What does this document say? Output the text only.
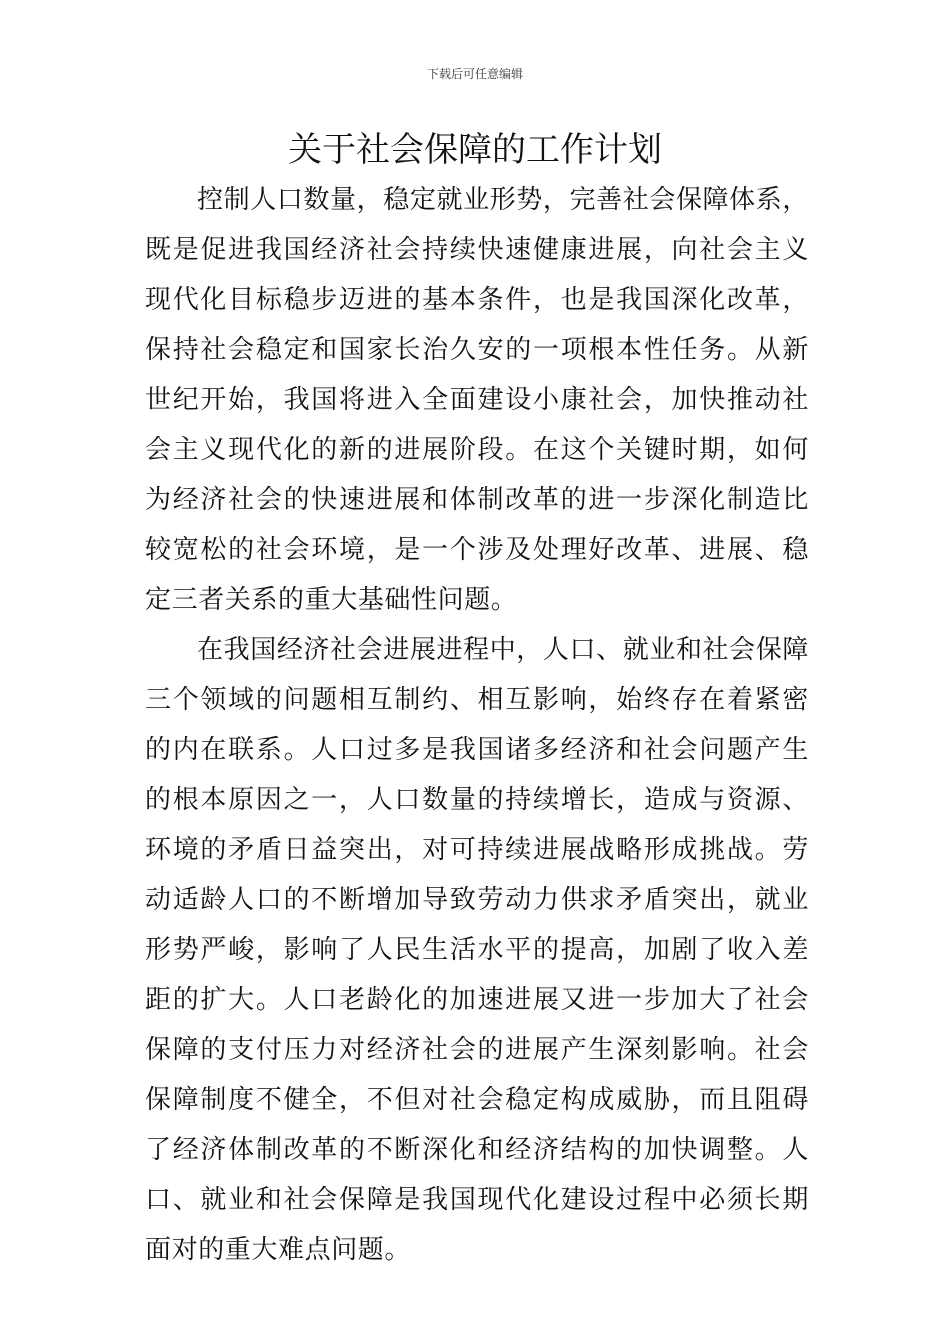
下载后可任意编辑
关于社会保障的工作计划

控制人口数量，稳定就业形势，完善社会保障体系，既是促进我国经济社会持续快速健康进展，向社会主义现代化目标稳步迈进的基本条件，也是我国深化改革，保持社会稳定和国家长治久安的一项根本性任务。从新世纪开始，我国将进入全面建设小康社会，加快推动社会主义现代化的新的进展阶段。在这个关键时期，如何为经济社会的快速进展和体制改革的进一步深化制造比较宽松的社会环境，是一个涉及处理好改革、进展、稳定三者关系的重大基础性问题。

在我国经济社会进展进程中，人口、就业和社会保障三个领域的问题相互制约、相互影响，始终存在着紧密的内在联系。人口过多是我国诸多经济和社会问题产生的根本原因之一，人口数量的持续增长，造成与资源、环境的矛盾日益突出，对可持续进展战略形成挑战。劳动适龄人口的不断增加导致劳动力供求矛盾突出，就业形势严峻，影响了人民生活水平的提高，加剧了收入差距的扩大。人口老龄化的加速进展又进一步加大了社会保障的支付压力对经济社会的进展产生深刻影响。社会保障制度不健全，不但对社会稳定构成威胁，而且阻碍了经济体制改革的不断深化和经济结构的加快调整。人口、就业和社会保障是我国现代化建设过程中必须长期面对的重大难点问题。
